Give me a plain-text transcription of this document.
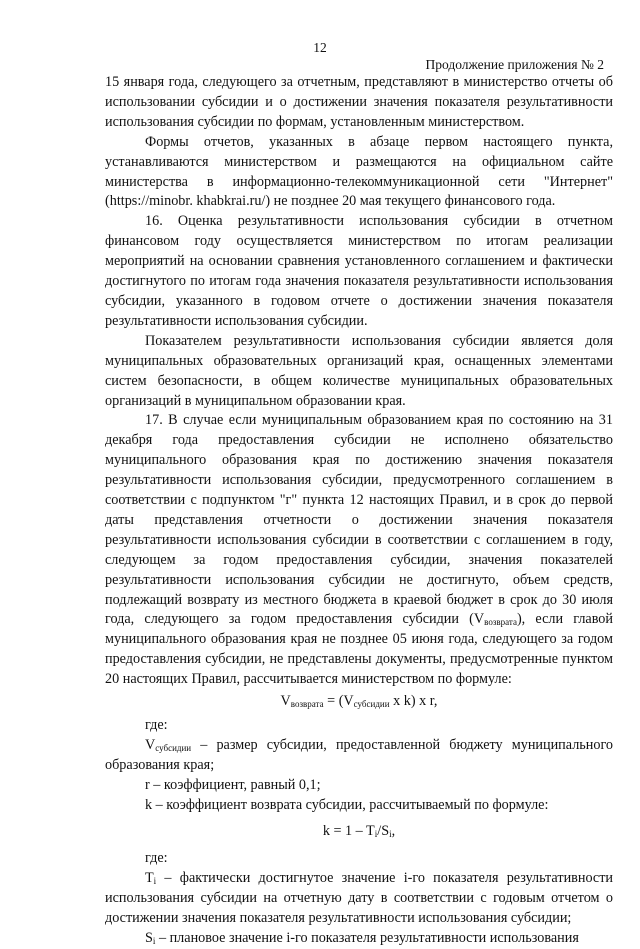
12
Продолжение приложения № 2

15 января года, следующего за отчетным, представляют в министерство отчеты об использовании субсидии и о достижении значения показателя результативности использования субсидии по формам, установленным министерством.

Формы отчетов, указанных в абзаце первом настоящего пункта, устанавливаются министерством и размещаются на официальном сайте министерства в информационно-телекоммуникационной сети "Интернет" (https://minobr. khabkrai.ru/) не позднее 20 мая текущего финансового года.

16. Оценка результативности использования субсидии в отчетном финансовом году осуществляется министерством по итогам реализации мероприятий на основании сравнения установленного соглашением и фактически достигнутого по итогам года значения показателя результативности использования субсидии, указанного в годовом отчете о достижении значения показателя результативности использования субсидии.

Показателем результативности использования субсидии является доля муниципальных образовательных организаций края, оснащенных элементами систем безопасности, в общем количестве муниципальных образовательных организаций в муниципальном образовании края.

17. В случае если муниципальным образованием края по состоянию на 31 декабря года предоставления субсидии не исполнено обязательство муниципального образования края по достижению значения показателя результативности использования субсидии, предусмотренного соглашением в соответствии с подпунктом "г" пункта 12 настоящих Правил, и в срок до первой даты представления отчетности о достижении значения показателя результативности использования субсидии в соответствии с соглашением в году, следующем за годом предоставления субсидии, значения показателей результативности использования субсидии не достигнуто, объем средств, подлежащий возврату из местного бюджета в краевой бюджет в срок до 30 июля года, следующего за годом предоставления субсидии $(V_{возврата})$, если главой муниципального образования края не позднее 05 июня года, следующего за годом предоставления субсидии, не представлены документы, предусмотренные пунктом 20 настоящих Правил, рассчитывается министерством по формуле:

$V_{возврата} = (V_{субсидии}$ x k) x r,

где:

$V_{субсидии}$ – размер субсидии, предоставленной бюджету муниципального образования края;

r – коэффициент, равный 0,1;

k – коэффициент возврата субсидии, рассчитываемый по формуле:

$k = 1 - T_i/S_i$,

где:

$T_i$ – фактически достигнутое значение i-го показателя результативности использования субсидии на отчетную дату в соответствии с годовым отчетом о достижении значения показателя результативности использования субсидии;

$S_i$ – плановое значение i-го показателя результативности использования
